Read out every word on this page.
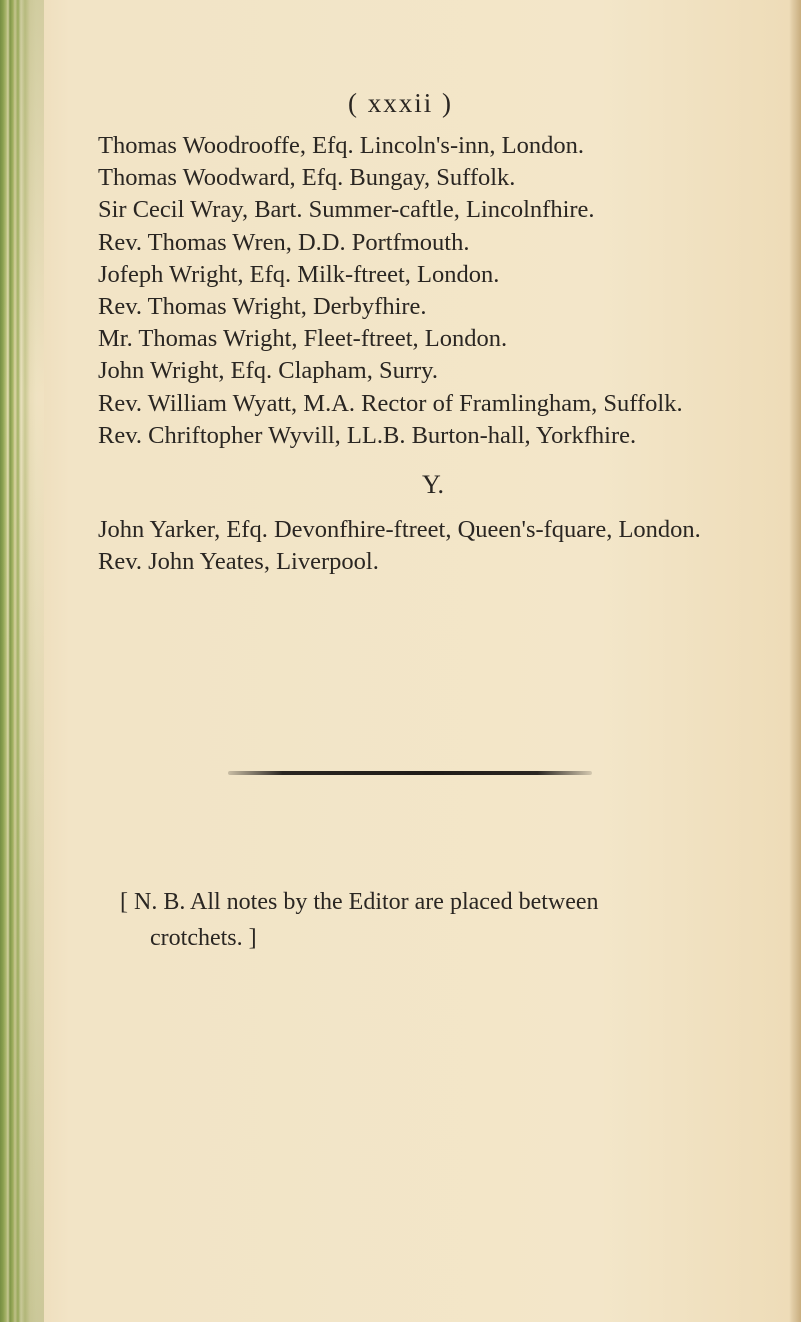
( xxxii )
Thomas Woodrooffe, Efq. Lincoln's-inn, London.
Thomas Woodward, Efq. Bungay, Suffolk.
Sir Cecil Wray, Bart. Summer-caftle, Lincolnfhire.
Rev. Thomas Wren, D.D. Portfmouth.
Jofeph Wright, Efq. Milk-ftreet, London.
Rev. Thomas Wright, Derbyfhire.
Mr. Thomas Wright, Fleet-ftreet, London.
John Wright, Efq. Clapham, Surry.
Rev. William Wyatt, M.A. Rector of Framlingham, Suffolk.
Rev. Chriftopher Wyvill, LL.B. Burton-hall, Yorkfhire.
Y.
John Yarker, Efq. Devonfhire-ftreet, Queen's-fquare, London.
Rev. John Yeates, Liverpool.
[ N. B. All notes by the Editor are placed between
crotchets. ]
